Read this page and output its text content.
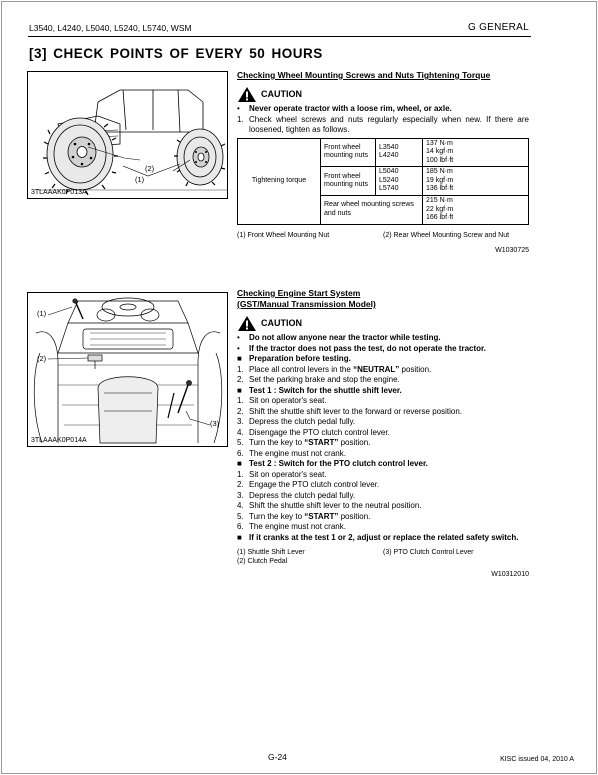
L3540, L4240, L5040, L5240, L5740, WSM	G GENERAL
[3] CHECK POINTS OF EVERY 50 HOURS
(2)
(1)
3TLAAAK0P013A
(1)
(2)
(3)
3TLAAAK0P014A
Checking Wheel Mounting Screws and Nuts Tightening Torque
CAUTION
•	Never operate tractor with a loose rim, wheel, or axle.
1. Check wheel screws and nuts regularly especially when new. If there are loosened, tighten as follows.
Tightening torque	Front wheel mounting nuts	L3540
L4240	137 N·m
14 kgf·m
100 lbf·ft
	Front wheel mounting nuts	L5040
L5240
L5740	185 N·m
19 kgf·m
136 lbf·ft
	Rear wheel mounting screws and nuts		215 N·m
22 kgf·m
166 lbf·ft
(1) Front Wheel Mounting Nut	(2) Rear Wheel Mounting Screw and Nut
W1030725
Checking Engine Start System
(GST/Manual Transmission Model)
CAUTION
•	Do not allow anyone near the tractor while testing.
•	If the tractor does not pass the test, do not operate the tractor.
■ Preparation before testing.
1. Place all control levers in the “NEUTRAL” position.
2. Set the parking brake and stop the engine.
■ Test 1 : Switch for the shuttle shift lever.
1. Sit on operator's seat.
2. Shift the shuttle shift lever to the forward or reverse position.
3. Depress the clutch pedal fully.
4. Disengage the PTO clutch control lever.
5. Turn the key to “START” position.
6. The engine must not crank.
■ Test 2 : Switch for the PTO clutch control lever.
1. Sit on operator's seat.
2. Engage the PTO clutch control lever.
3. Depress the clutch pedal fully.
4. Shift the shuttle shift lever to the neutral position.
5. Turn the key to “START” position.
6. The engine must not crank.
■ If it cranks at the test 1 or 2, adjust or replace the related safety switch.
(1) Shuttle Shift Lever
(2) Clutch Pedal
(3) PTO Clutch Control Lever
W10312010
G-24	KISC issued 04, 2010 A
